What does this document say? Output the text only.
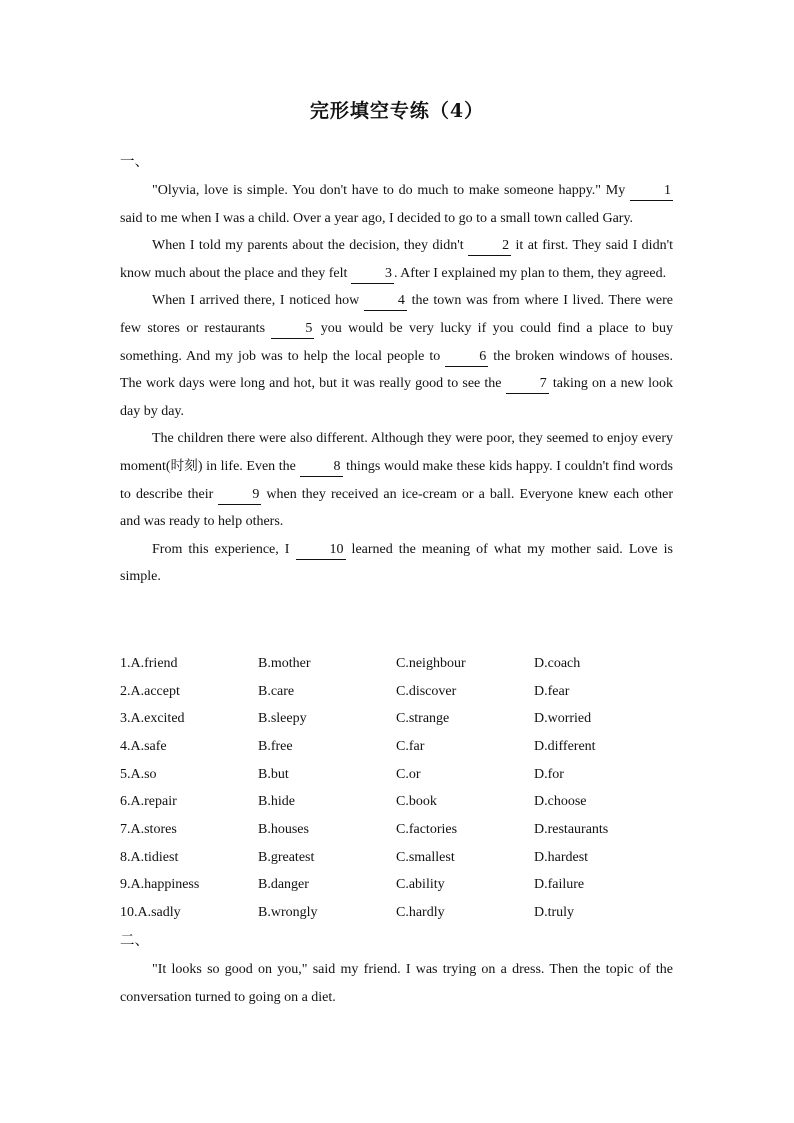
完形填空专练（4）
一、

"Olyvia, love is simple. You don't have to do much to make someone happy." My 1 said to me when I was a child. Over a year ago, I decided to go to a small town called Gary.

When I told my parents about the decision, they didn't 2 it at first. They said I didn't know much about the place and they felt 3 . After I explained my plan to them, they agreed.

When I arrived there, I noticed how 4 the town was from where I lived. There were few stores or restaurants 5 you would be very lucky if you could find a place to buy something. And my job was to help the local people to 6 the broken windows of houses. The work days were long and hot, but it was really good to see the 7 taking on a new look day by day.

The children there were also different. Although they were poor, they seemed to enjoy every moment(时刻) in life. Even the 8 things would make these kids happy. I couldn't find words to describe their 9 when they received an ice-cream or a ball. Everyone knew each other and was ready to help others.

From this experience, I 10 learned the meaning of what my mother said. Love is simple.

1.A.friend	B.mother	C.neighbour	D.coach
2.A.accept	B.care	C.discover	D.fear
3.A.excited	B.sleepy	C.strange	D.worried
4.A.safe	B.free	C.far	D.different
5.A.so	B.but	C.or	D.for
6.A.repair	B.hide	C.book	D.choose
7.A.stores	B.houses	C.factories	D.restaurants
8.A.tidiest	B.greatest	C.smallest	D.hardest
9.A.happiness	B.danger	C.ability	D.failure
10.A.sadly	B.wrongly	C.hardly	D.truly
二、

"It looks so good on you," said my friend. I was trying on a dress. Then the topic of the conversation turned to going on a diet.
